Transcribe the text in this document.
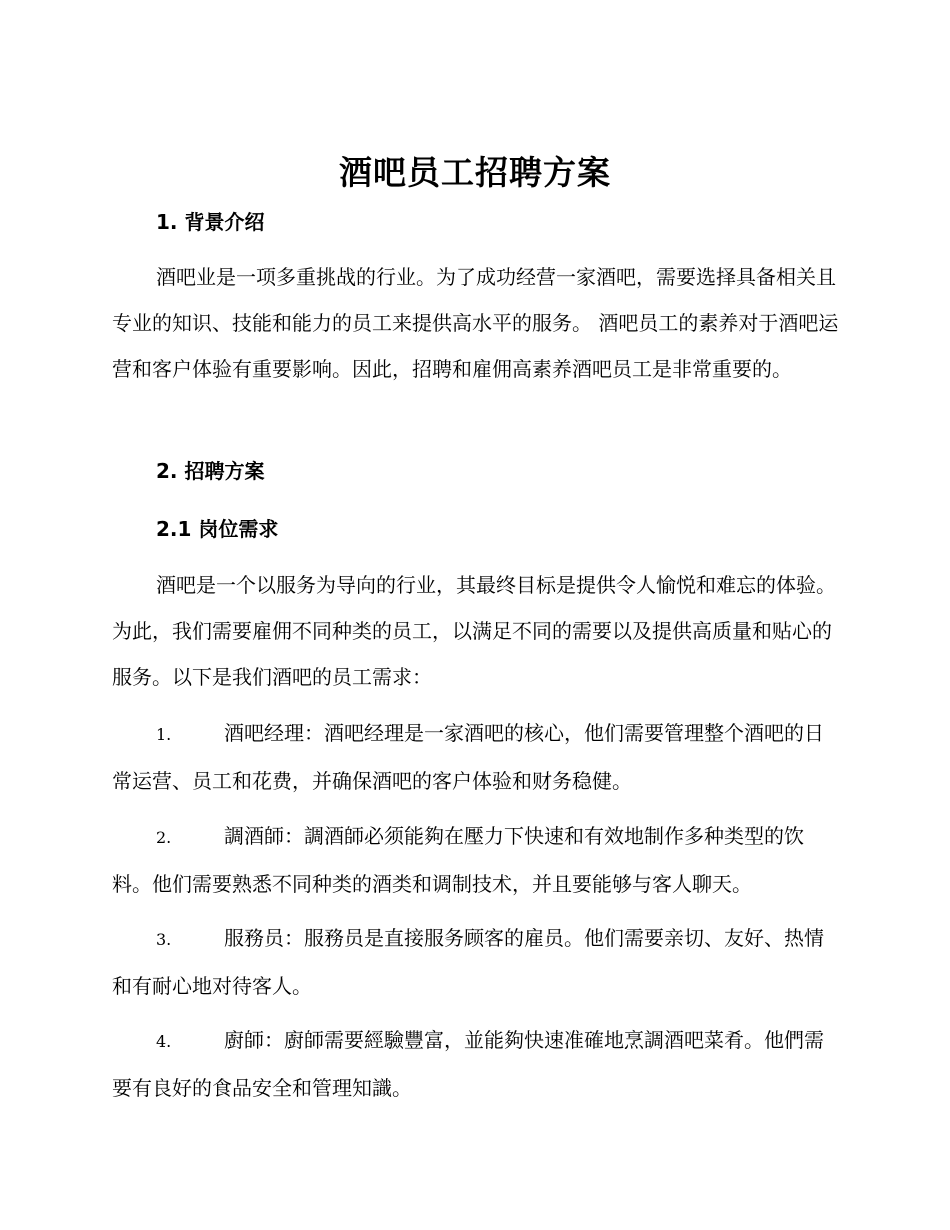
酒吧员工招聘方案
1. 背景介绍

酒吧业是一项多重挑战的行业。为了成功经营一家酒吧，需要选择具备相关且专业的知识、技能和能力的员工来提供高水平的服务。 酒吧员工的素养对于酒吧运营和客户体验有重要影响。因此，招聘和雇佣高素养酒吧员工是非常重要的。

2. 招聘方案
2.1 岗位需求

酒吧是一个以服务为导向的行业，其最终目标是提供令人愉悦和难忘的体验。为此，我们需要雇佣不同种类的员工，以满足不同的需要以及提供高质量和贴心的服务。以下是我们酒吧的员工需求：

1.	酒吧经理：酒吧经理是一家酒吧的核心，他们需要管理整个酒吧的日常运营、员工和花费，并确保酒吧的客户体验和财务稳健。

2.	調酒師：調酒師必须能夠在壓力下快速和有效地制作多种类型的饮料。他们需要熟悉不同种类的酒类和调制技术，并且要能够与客人聊天。

3.	服務员：服務员是直接服务顾客的雇员。他们需要亲切、友好、热情和有耐心地对待客人。

4.	廚師：廚師需要經驗豐富，並能夠快速准確地烹調酒吧菜肴。他們需要有良好的食品安全和管理知識。
